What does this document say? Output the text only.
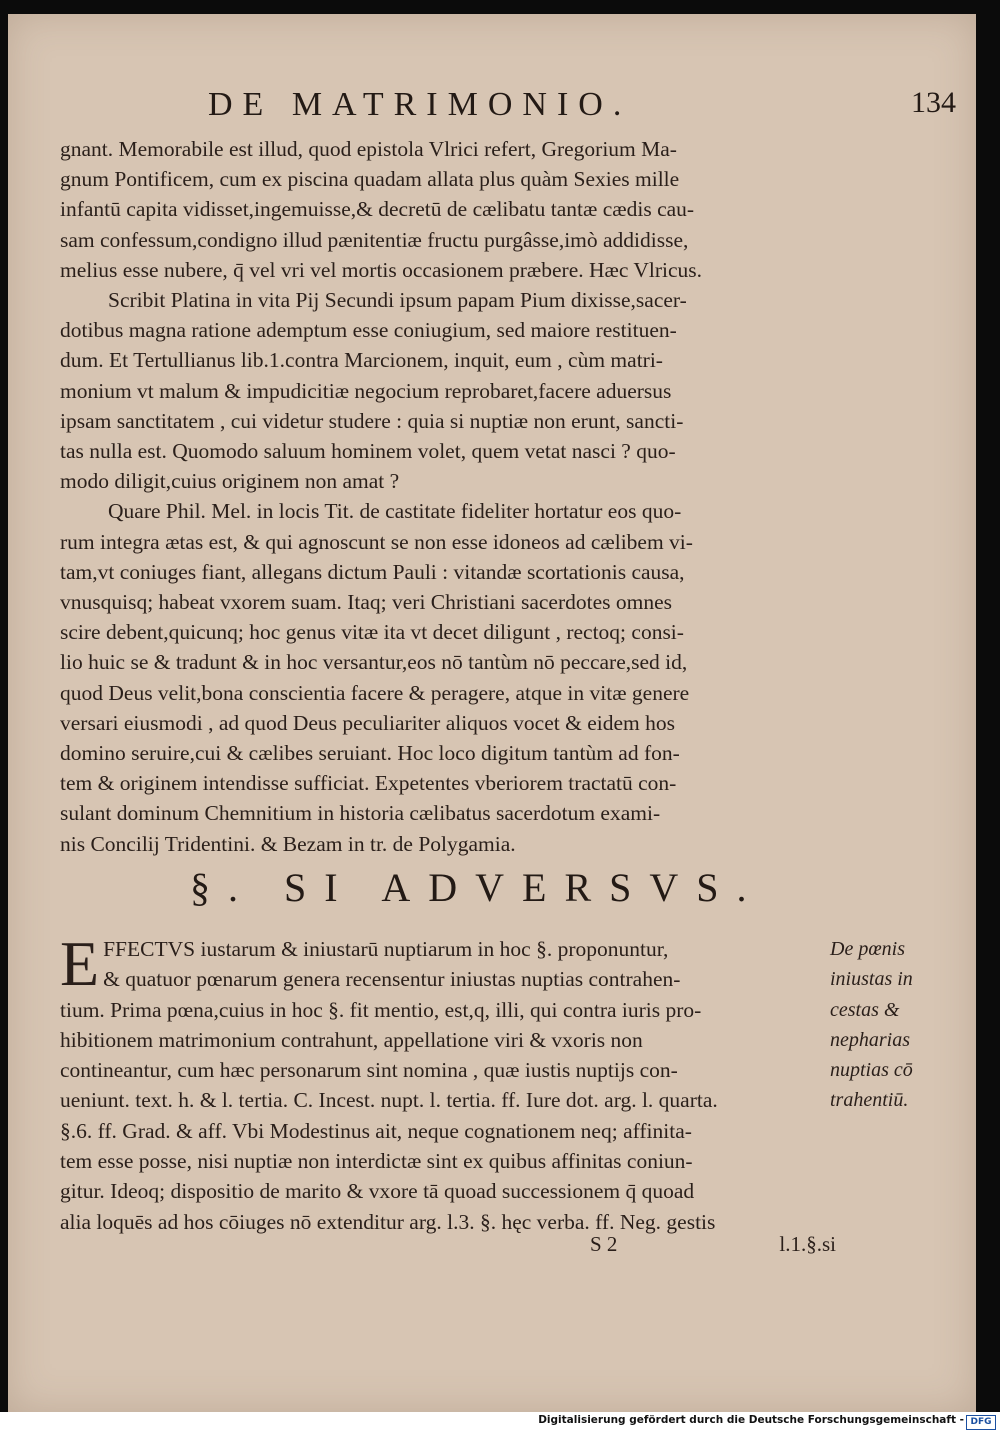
DE MATRIMONIO.	134
gnant. Memorabile est illud, quod epistola Vlrici refert, Gregorium Ma-
gnum Pontificem, cum ex piscina quadam allata plus quàm Sexies mille
infantū capita vidisset,ingemuisse,& decretū de cælibatu tantæ cædis cau-
sam confessum,condigno illud pænitentiæ fructu purgâsse,imò addidisse,
melius esse nubere, q̄ vel vri vel mortis occasionem præbere. Hæc Vlricus.
Scribit Platina in vita Pij Secundi ipsum papam Pium dixisse,sacer-
dotibus magna ratione ademptum esse coniugium, sed maiore restituen-
dum. Et Tertullianus lib.1.contra Marcionem, inquit, eum , cùm matri-
monium vt malum & impudicitiæ negocium reprobaret,facere aduersus
ipsam sanctitatem , cui videtur studere : quia si nuptiæ non erunt, sancti-
tas nulla est. Quomodo saluum hominem volet, quem vetat nasci ? quo-
modo diligit,cuius originem non amat ?
Quare Phil. Mel. in locis Tit. de castitate fideliter hortatur eos quo-
rum integra ætas est, & qui agnoscunt se non esse idoneos ad cælibem vi-
tam,vt coniuges fiant, allegans dictum Pauli : vitandæ scortationis causa,
vnusquisq; habeat vxorem suam. Itaq; veri Christiani sacerdotes omnes
scire debent,quicunq; hoc genus vitæ ita vt decet diligunt , rectoq; consi-
lio huic se & tradunt & in hoc versantur,eos nō tantùm nō peccare,sed id,
quod Deus velit,bona conscientia facere & peragere, atque in vitæ genere
versari eiusmodi , ad quod Deus peculiariter aliquos vocet & eidem hos
domino seruire,cui & cælibes seruiant. Hoc loco digitum tantùm ad fon-
tem & originem intendisse sufficiat. Expetentes vberiorem tractatū con-
sulant dominum Chemnitium in historia cælibatus sacerdotum exami-
nis Concilij Tridentini. & Bezam in tr. de Polygamia.
§. SI ADVERSVS.
E FFECTVS iustarum & iniustarū nuptiarum in hoc §. proponuntur,
& quatuor pœnarum genera recensentur iniustas nuptias contrahen-
tium. Prima pœna,cuius in hoc §. fit mentio, est,q, illi, qui contra iuris pro-
hibitionem matrimonium contrahunt, appellatione viri & vxoris non
contineantur, cum hæc personarum sint nomina , quæ iustis nuptijs con-
ueniunt. text. h. & l. tertia. C. Incest. nupt. l. tertia. ff. Iure dot. arg. l. quarta.
§.6. ff. Grad. & aff. Vbi Modestinus ait, neque cognationem neq; affinita-
tem esse posse, nisi nuptiæ non interdictæ sint ex quibus affinitas coniun-
gitur. Ideoq; dispositio de marito & vxore tā quoad successionem q̄ quoad
alia loquēs ad hos cōiuges nō extenditur arg. l.3. §. hęc verba. ff. Neg. gestis
De pœnis
iniustas in
cestas &
nepharias
nuptias cō
trahentiū.
S 2	l.1.§.si
Digitalisierung gefördert durch die Deutsche Forschungsgemeinschaft - DFG
